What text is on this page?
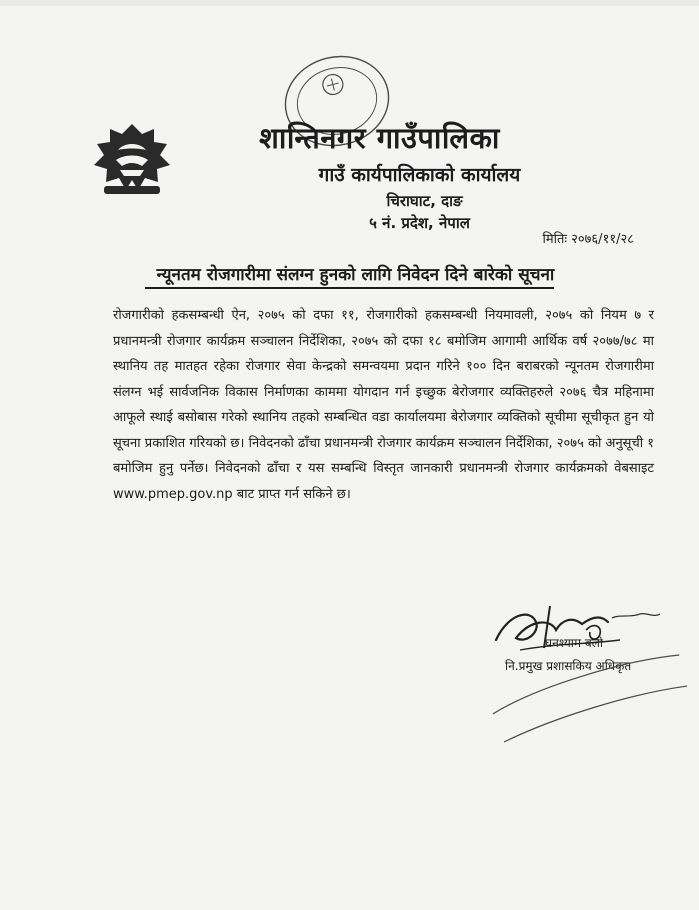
शान्तिनगर गाउँपालिका
गाउँ कार्यपालिकाको कार्यालय
चिराघाट, दाङ
५ नं. प्रदेश, नेपाल
मितिः २०७६/११/२८
न्यूनतम रोजगारीमा संलग्न हुनको लागि निवेदन दिने बारेको सूचना
रोजगारीको हकसम्बन्धी ऐन, २०७५ को दफा ११, रोजगारीको हकसम्बन्धी नियमावली, २०७५ को नियम ७ र प्रधानमन्त्री रोजगार कार्यक्रम सञ्चालन निर्देशिका, २०७५ को दफा १८ बमोजिम आगामी आर्थिक वर्ष २०७७/७८ मा स्थानिय तह मातहत रहेका रोजगार सेवा केन्द्रको समन्वयमा प्रदान गरिने १०० दिन बराबरको न्यूनतम रोजगारीमा संलग्न भई सार्वजनिक विकास निर्माणका काममा योगदान गर्न इच्छुक बेरोजगार व्यक्तिहरुले २०७६ चैत्र महिनामा आफूले स्थाई बसोबास गरेको स्थानिय तहको सम्बन्धित वडा कार्यालयमा बेरोजगार व्यक्तिको सूचीमा सूचीकृत हुन यो सूचना प्रकाशित गरियको छ। निवेदनको ढाँचा प्रधानमन्त्री रोजगार कार्यक्रम सञ्चालन निर्देशिका, २०७५ को अनुसूची १ बमोजिम हुनु पर्नेछ। निवेदनको ढाँचा र यस सम्बन्धि विस्तृत जानकारी प्रधानमन्त्री रोजगार कार्यक्रमको वेबसाइट www.pmep.gov.np बाट प्राप्त गर्न सकिने छ।
घनश्याम बली
नि.प्रमुख प्रशासकिय अधिकृत
